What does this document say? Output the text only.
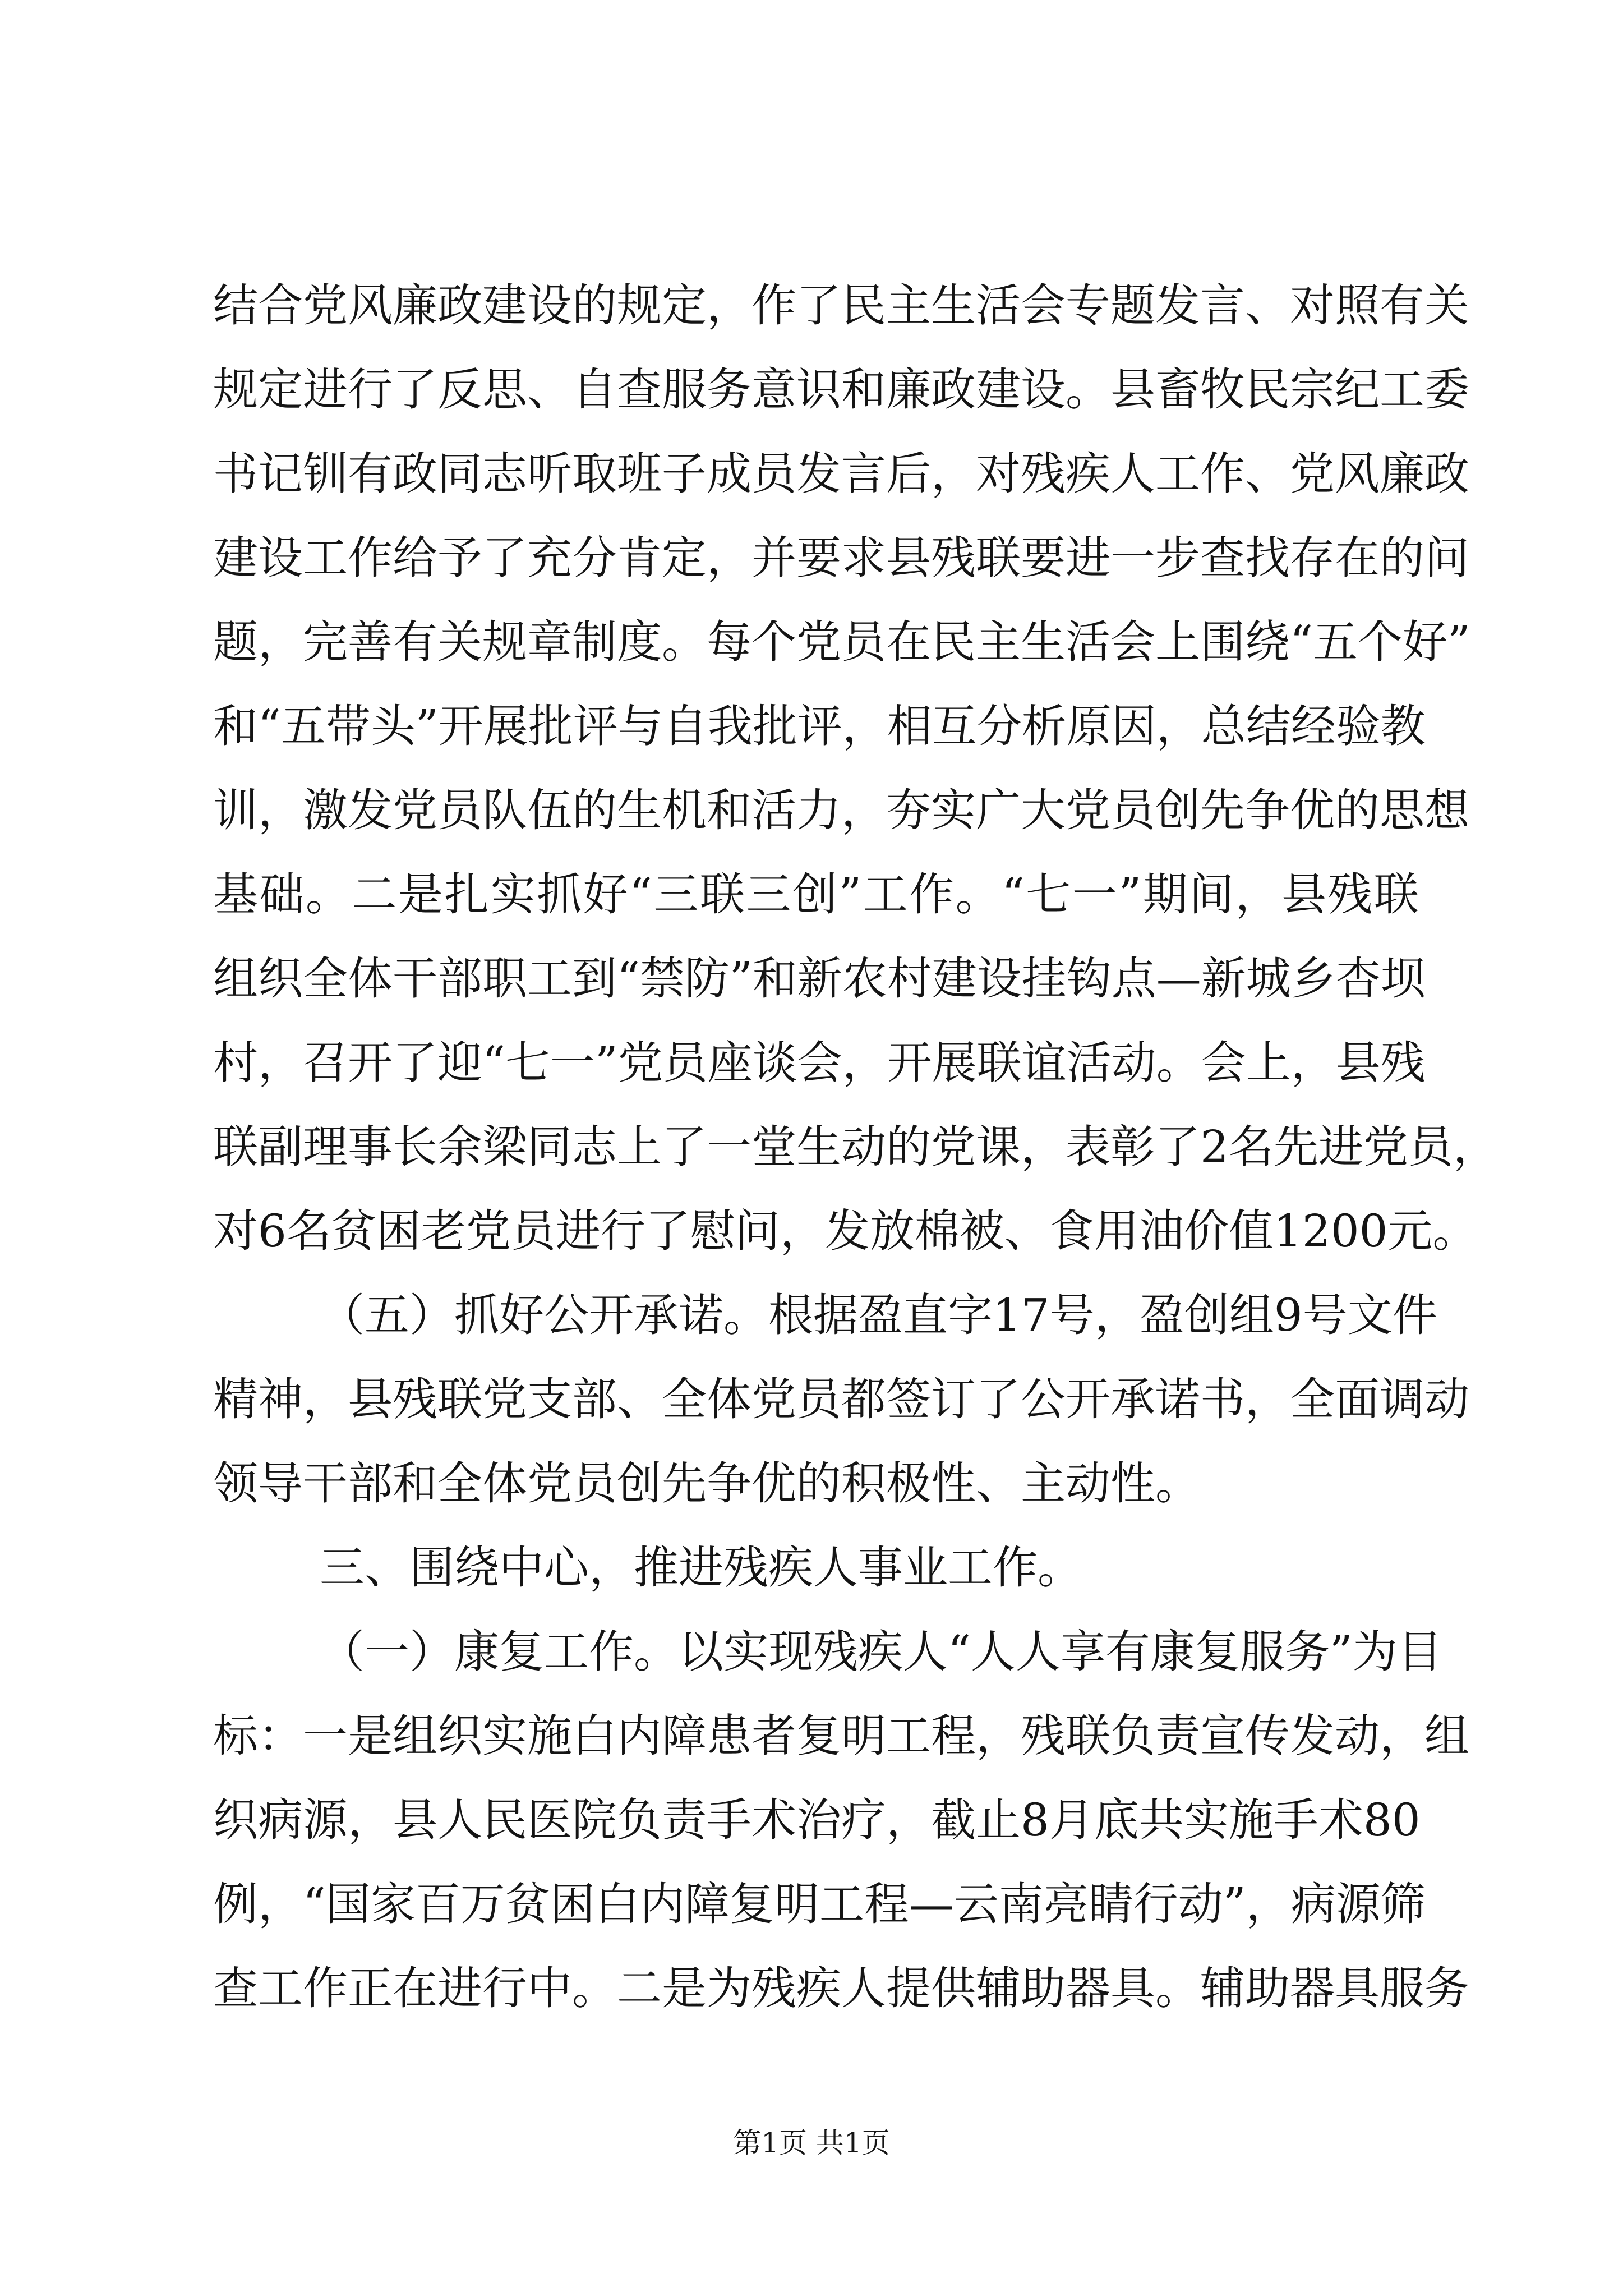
结合党风廉政建设的规定，作了民主生活会专题发言、对照有关
规定进行了反思、自查服务意识和廉政建设。县畜牧民宗纪工委
书记钏有政同志听取班子成员发言后，对残疾人工作、党风廉政
建设工作给予了充分肯定，并要求县残联要进一步查找存在的问
题，完善有关规章制度。每个党员在民主生活会上围绕“五个好”
和“五带头”开展批评与自我批评，相互分析原因，总结经验教
训，激发党员队伍的生机和活力，夯实广大党员创先争优的思想
基础。二是扎实抓好“三联三创”工作。“七一”期间，县残联
组织全体干部职工到“禁防”和新农村建设挂钩点—新城乡杏坝
村，召开了迎“七一”党员座谈会，开展联谊活动。会上，县残
联副理事长余梁同志上了一堂生动的党课，表彰了2名先进党员，
对6名贫困老党员进行了慰问，发放棉被、食用油价值1200元。
（五）抓好公开承诺。根据盈直字17号，盈创组9号文件
精神，县残联党支部、全体党员都签订了公开承诺书，全面调动
领导干部和全体党员创先争优的积极性、主动性。
三、围绕中心，推进残疾人事业工作。
（一）康复工作。以实现残疾人“人人享有康复服务”为目
标：一是组织实施白内障患者复明工程，残联负责宣传发动，组
织病源，县人民医院负责手术治疗，截止8月底共实施手术80
例，“国家百万贫困白内障复明工程—云南亮睛行动”，病源筛
查工作正在进行中。二是为残疾人提供辅助器具。辅助器具服务
第1页 共1页
